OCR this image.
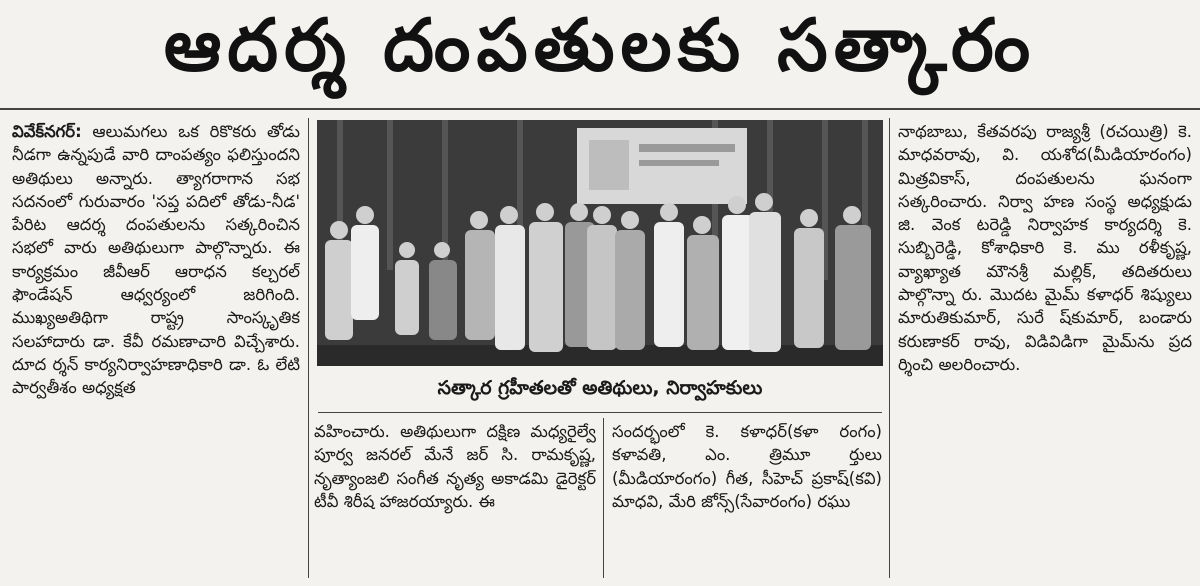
ఆదర్శ దంపతులకు సత్కారం
వివేక్‌నగర్: ఆలుమగలు ఒక రికొకరు తోడు నీడగా ఉన్నపుడే వారి దాంపత్యం ఫలిస్తుందని అతిథులు అన్నారు. త్యాగరాగాన సభ సదనంలో గురువారం 'సప్త పదిలో తోడు-నీడ' పేరిట ఆదర్శ దంపతులను సత్కరించిన సభలో వారు అతిథులుగా పాల్గొన్నారు. ఈ కార్యక్రమం జీవీఆర్ ఆరాధన కల్చరల్ ఫౌండేషన్ ఆధ్వర్యంలో జరిగింది. ముఖ్యఅతిథిగా రాష్ట్ర సాంస్కృతిక సలహాదారు డా. కేవీ రమణాచారి విచ్చేశారు. దూద ర్శన్ కార్యనిర్వాహణాధికారి డా. ఓ లేటి పార్వతీశం అధ్యక్షత	సత్కార గ్రహీతలతో అతిథులు, నిర్వాహకులు
వహించారు. అతిథులుగా దక్షిణ మధ్యరైల్వే పూర్వ జనరల్ మేనే జర్ సి. రామకృష్ణ, నృత్యాంజలి సంగీత నృత్య అకాడమి డైరెక్టర్ టీవీ శిరీష హాజరయ్యారు. ఈ
సందర్భంలో కె. కళాధర్(కళా రంగం) కళావతి, ఎం. త్రిమూ ర్తులు (మీడియారంగం) గీత, సీహెచ్ ప్రకాష్(కవి) మాధవి, మేరి జోన్స్(సేవారంగం) రఘు
నాథబాబు, కేతవరపు రాజ్యశ్రీ (రచయిత్రి) కె. మాధవరావు, వి. యశోద(మీడియారంగం) మిత్రవికాస్, దంపతులను ఘనంగా సత్కరించారు. నిర్వా హణ సంస్థ అధ్యక్షుడు జి. వెంక టరెడ్డి నిర్వాహక కార్యదర్శి కె. సుబ్బిరెడ్డి, కోశాధికారి కె. ము రళీకృష్ణ, వ్యాఖ్యాత మౌనశ్రీ మల్లిక్, తదితరులు పాల్గొన్నా రు. మొదట మైమ్ కళాధర్ శిష్యులు మారుతికుమార్, సురే ష్‌కుమార్, బండారు కరుణాకర్ రావు, విడివిడిగా మైమ్‌ను ప్రద ర్శించి అలరించారు.
